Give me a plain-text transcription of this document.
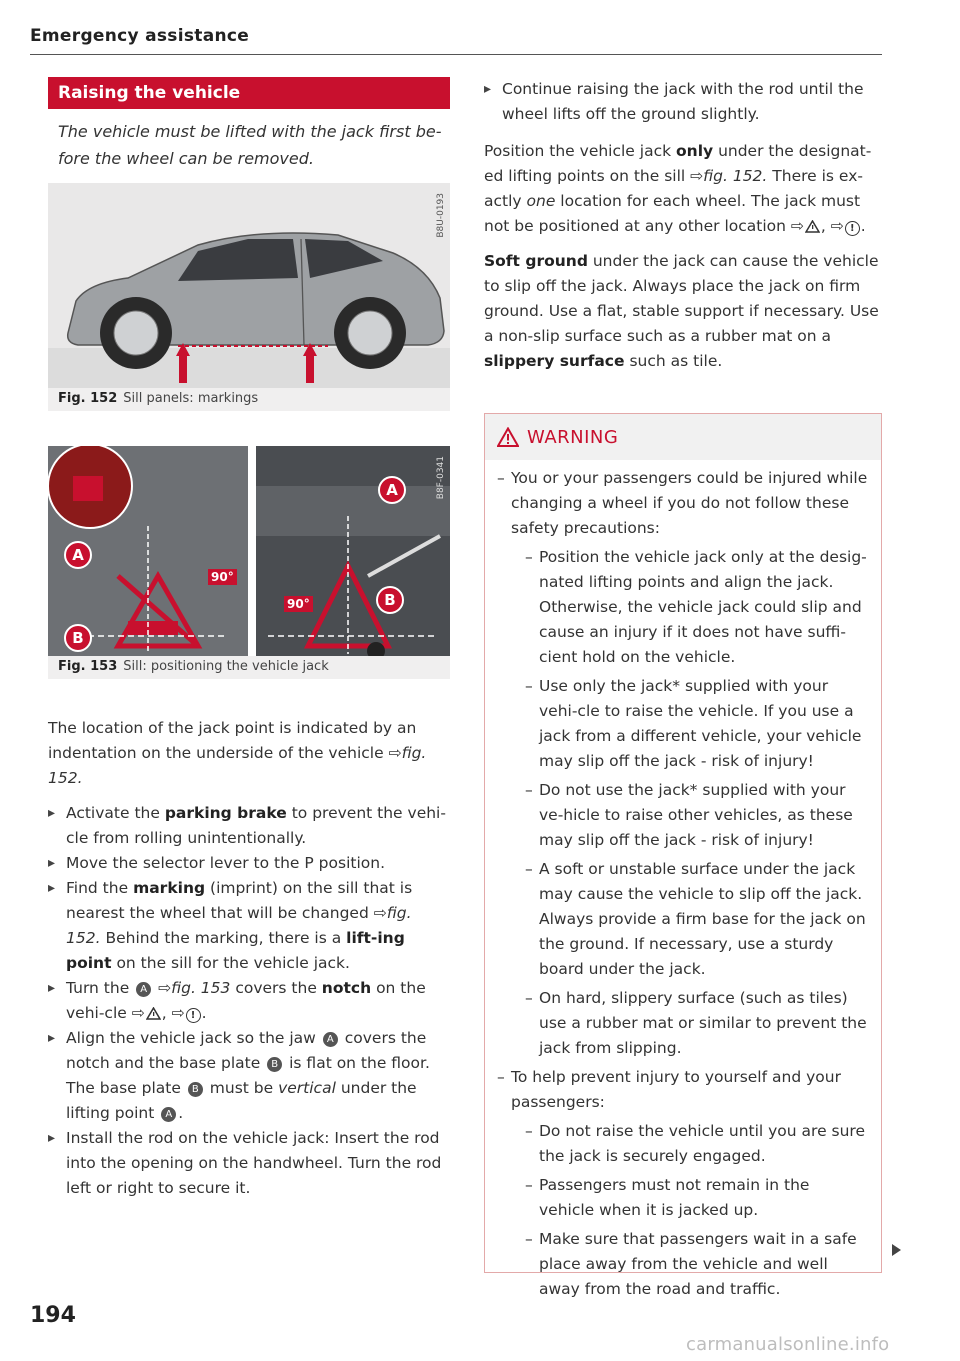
Emergency assistance
Raising the vehicle
The vehicle must be lifted with the jack first be-fore the wheel can be removed.
B8U-0193
Fig. 152 Sill panels: markings
A
B
90°
A
B
90°
B8F-0341
Fig. 153 Sill: positioning the vehicle jack

The location of the jack point is indicated by an indentation on the underside of the vehicle ⇨fig. 152.

▸ Activate the parking brake to prevent the vehi-cle from rolling unintentionally.
▸ Move the selector lever to the P position.
▸ Find the marking (imprint) on the sill that is nearest the wheel that will be changed ⇨fig. 152. Behind the marking, there is a lift-ing point on the sill for the vehicle jack.
▸ Turn the A ⇨fig. 153 covers the notch on the vehi-cle ⇨ , ⇨ ! .
▸ Align the vehicle jack so the jaw A covers the notch and the base plate B is flat on the floor. The base plate B must be vertical under the lifting point A .
▸ Install the rod on the vehicle jack: Insert the rod into the opening on the handwheel. Turn the rod left or right to secure it.
▸ Continue raising the jack with the rod until the wheel lifts off the ground slightly.

Position the vehicle jack only under the designat-ed lifting points on the sill ⇨fig. 152. There is ex-actly one location for each wheel. The jack must not be positioned at any other location ⇨ , ⇨ ! .

Soft ground under the jack can cause the vehicle to slip off the jack. Always place the jack on firm ground. Use a flat, stable support if necessary. Use a non-slip surface such as a rubber mat on a slippery surface such as tile.

WARNING
– You or your passengers could be injured while changing a wheel if you do not follow these safety precautions:
– Position the vehicle jack only at the desig-nated lifting points and align the jack. Otherwise, the vehicle jack could slip and cause an injury if it does not have suffi-cient hold on the vehicle.
– Use only the jack* supplied with your vehi-cle to raise the vehicle. If you use a jack from a different vehicle, your vehicle may slip off the jack - risk of injury!
– Do not use the jack* supplied with your ve-hicle to raise other vehicles, as these may slip off the jack - risk of injury!
– A soft or unstable surface under the jack may cause the vehicle to slip off the jack. Always provide a firm base for the jack on the ground. If necessary, use a sturdy board under the jack.
– On hard, slippery surface (such as tiles) use a rubber mat or similar to prevent the jack from slipping.
– To help prevent injury to yourself and your passengers:
– Do not raise the vehicle until you are sure the jack is securely engaged.
– Passengers must not remain in the vehicle when it is jacked up.
– Make sure that passengers wait in a safe place away from the vehicle and well away from the road and traffic.
194
carmanualsonline.info
